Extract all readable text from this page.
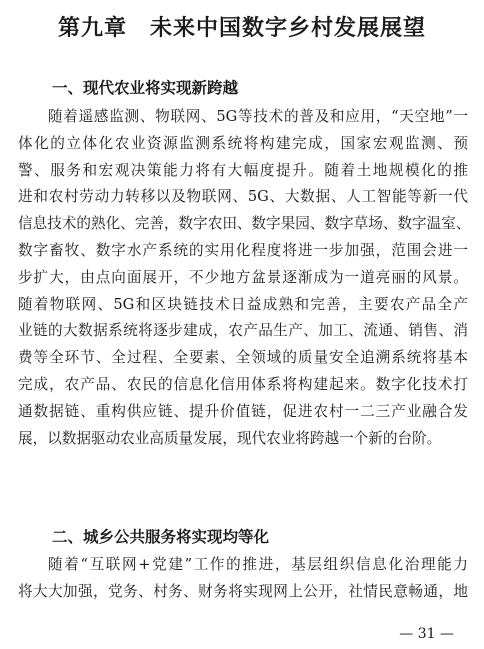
第九章　未来中国数字乡村发展展望
一、现代农业将实现新跨越
随着遥感监测、物联网、5G等技术的普及和应用，“天空地”一
体化的立体化农业资源监测系统将构建完成，国家宏观监测、预
警、服务和宏观决策能力将有大幅度提升。随着土地规模化的推
进和农村劳动力转移以及物联网、5G、大数据、人工智能等新一代
信息技术的熟化、完善，数字农田、数字果园、数字草场、数字温室、
数字畜牧、数字水产系统的实用化程度将进一步加强，范围会进一
步扩大，由点向面展开，不少地方盆景逐渐成为一道亮丽的风景。
随着物联网、5G和区块链技术日益成熟和完善，主要农产品全产
业链的大数据系统将逐步建成，农产品生产、加工、流通、销售、消
费等全环节、全过程、全要素、全领域的质量安全追溯系统将基本
完成，农产品、农民的信息化信用体系将构建起来。数字化技术打
通数据链、重构供应链、提升价值链，促进农村一二三产业融合发
展，以数据驱动农业高质量发展，现代农业将跨越一个新的台阶。
二、城乡公共服务将实现均等化
随着“互联网+党建”工作的推进，基层组织信息化治理能力
将大大加强，党务、村务、财务将实现网上公开，社情民意畅通，地
— 31 —
